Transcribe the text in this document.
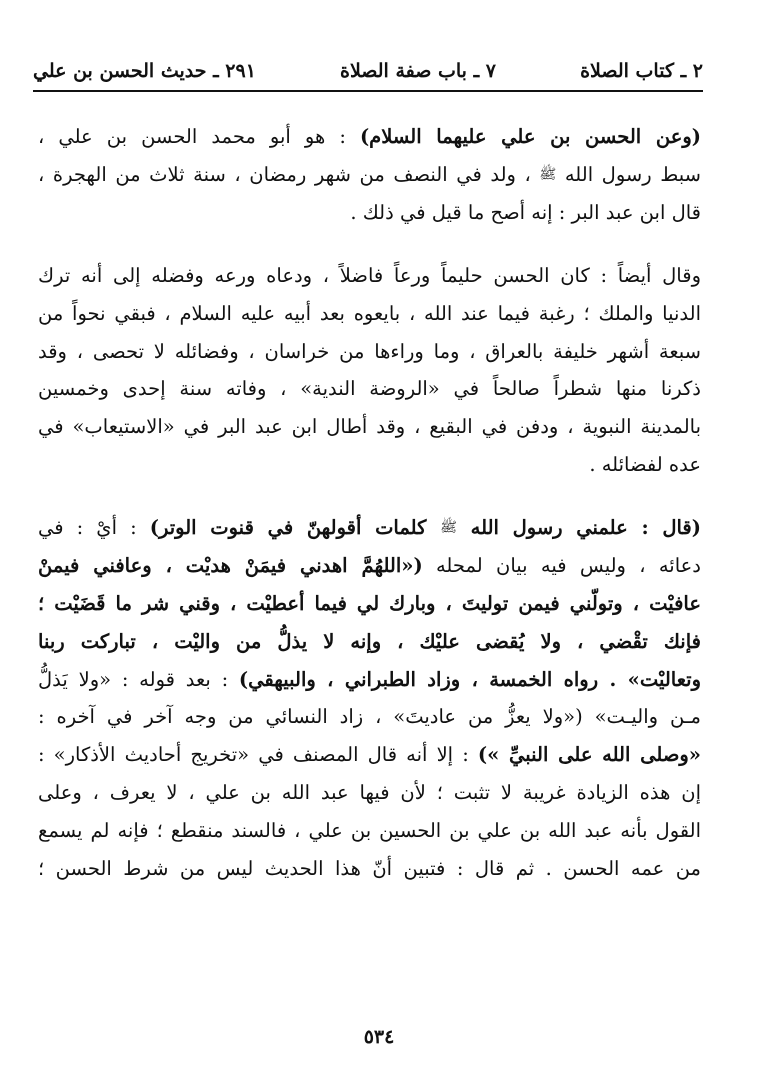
٢ ـ كتاب الصلاة
٧ ـ باب صفة الصلاة
٢٩١ ـ حديث الحسن بن علي
(وعن الحسن بن علي عليهما السلام) : هو أبو محمد الحسن بن علي ،
سبط رسول الله ﷺ ، ولد في النصف من شهر رمضان ، سنة ثلاث من الهجرة ،
قال ابن عبد البر : إنه أصح ما قيل في ذلك .
وقال أيضاً : كان الحسن حليماً ورعاً فاضلاً ، ودعاه ورعه وفضله إلى أنه ترك
الدنيا والملك ؛ رغبة فيما عند الله ، بايعوه بعد أبيه عليه السلام ، فبقي نحواً من
سبعة أشهر خليفة بالعراق ، وما وراءها من خراسان ، وفضائله لا تحصى ، وقد
ذكرنا منها شطراً صالحاً في «الروضة الندية» ، وفاته سنة إحدى وخمسين
بالمدينة النبوية ، ودفن في البقيع ، وقد أطال ابن عبد البر في «الاستيعاب» في
عده لفضائله .
(قال : علمني رسول الله ﷺ كلمات أقولهنّ في قنوت الوتر) : أيْ : في
دعائه ، وليس فيه بيان لمحله («اللهُمَّ اهدني فيمَنْ هديْت ، وعافني فيمنْ
عافيْت ، وتولّني فيمن توليتَ ، وبارك لي فيما أعطيْت ، وقني شر ما قَضَيْت ؛
فإنك تقْضي ، ولا يُقضى عليْك ، وإنه لا يذلُّ من واليْت ، تباركت ربنا
وتعاليْت» . رواه الخمسة ، وزاد الطبراني ، والبيهقي) : بعد قوله : «ولا يَذلُّ
مـن واليـت» («ولا يعزُّ من عاديتَ» ، زاد النسائي من وجه آخر في آخره :
«وصلى الله على النبيِّ ») : إلا أنه قال المصنف في «تخريج أحاديث الأذكار» :
إن هذه الزيادة غريبة لا تثبت ؛ لأن فيها عبد الله بن علي ، لا يعرف ، وعلى
القول بأنه عبد الله بن علي بن الحسين بن علي ، فالسند منقطع ؛ فإنه لم يسمع
من عمه الحسن . ثم قال : فتبين أنّ هذا الحديث ليس من شرط الحسن ؛
٥٣٤
